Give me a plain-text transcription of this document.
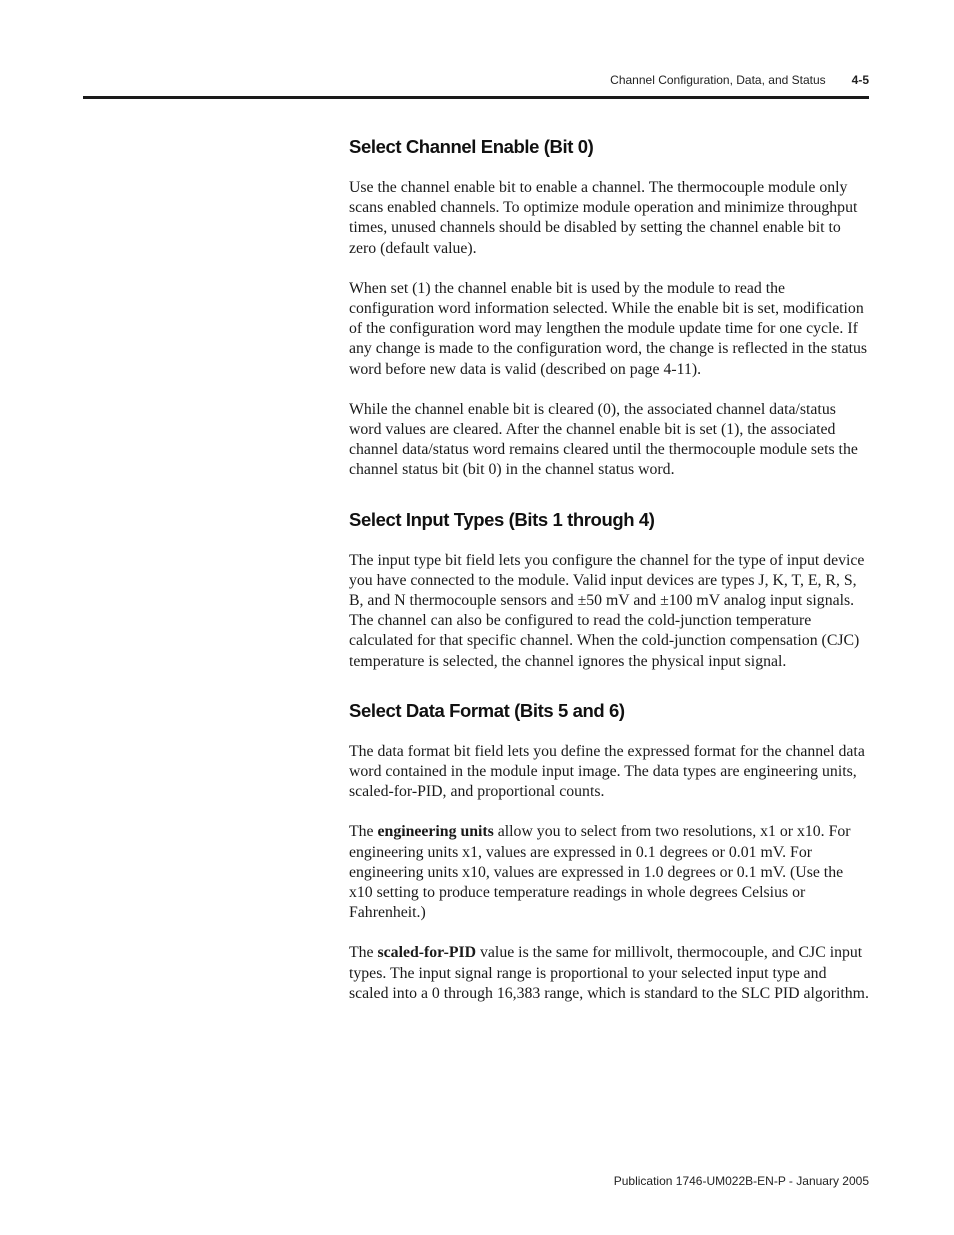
Channel Configuration, Data, and Status 4-5
Select Channel Enable (Bit 0)

Use the channel enable bit to enable a channel. The thermocouple module only scans enabled channels. To optimize module operation and minimize throughput times, unused channels should be disabled by setting the channel enable bit to zero (default value).

When set (1) the channel enable bit is used by the module to read the configuration word information selected. While the enable bit is set, modification of the configuration word may lengthen the module update time for one cycle. If any change is made to the configuration word, the change is reflected in the status word before new data is valid (described on page 4-11).

While the channel enable bit is cleared (0), the associated channel data/status word values are cleared. After the channel enable bit is set (1), the associated channel data/status word remains cleared until the thermocouple module sets the channel status bit (bit 0) in the channel status word.

Select Input Types (Bits 1 through 4)

The input type bit field lets you configure the channel for the type of input device you have connected to the module. Valid input devices are types J, K, T, E, R, S, B, and N thermocouple sensors and ±50 mV and ±100 mV analog input signals. The channel can also be configured to read the cold-junction temperature calculated for that specific channel. When the cold-junction compensation (CJC) temperature is selected, the channel ignores the physical input signal.

Select Data Format (Bits 5 and 6)

The data format bit field lets you define the expressed format for the channel data word contained in the module input image. The data types are engineering units, scaled-for-PID, and proportional counts.

The engineering units allow you to select from two resolutions, x1 or x10. For engineering units x1, values are expressed in 0.1 degrees or 0.01 mV. For engineering units x10, values are expressed in 1.0 degrees or 0.1 mV. (Use the x10 setting to produce temperature readings in whole degrees Celsius or Fahrenheit.)

The scaled-for-PID value is the same for millivolt, thermocouple, and CJC input types. The input signal range is proportional to your selected input type and scaled into a 0 through 16,383 range, which is standard to the SLC PID algorithm.

Publication 1746-UM022B-EN-P - January 2005
